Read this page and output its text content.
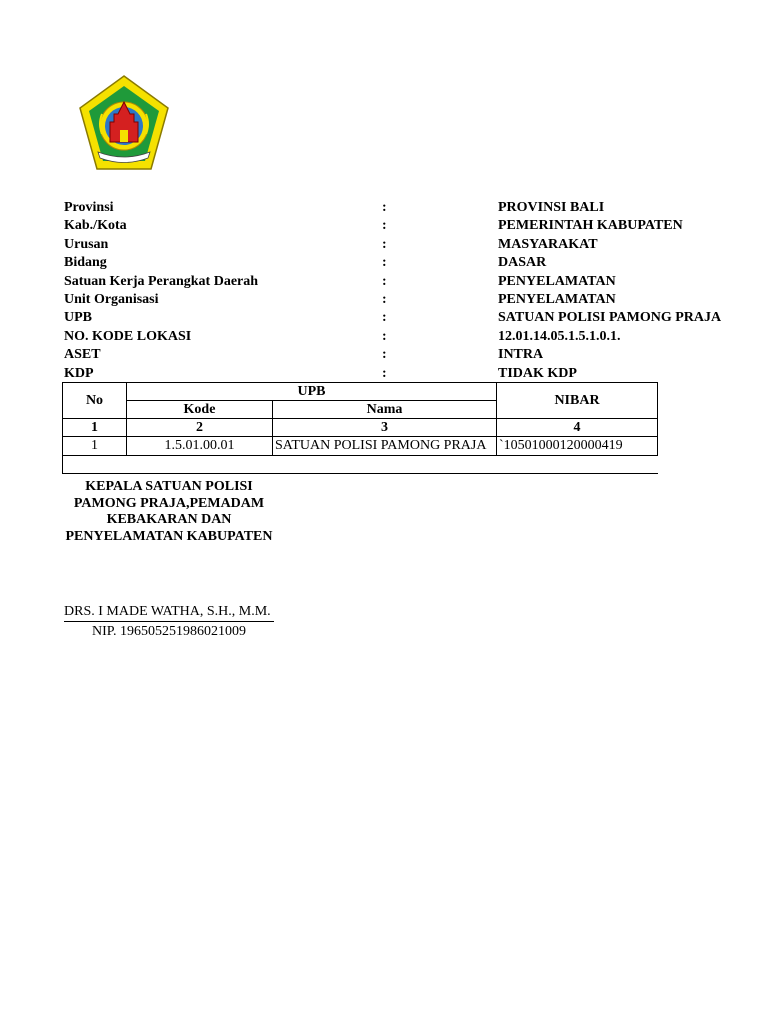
Provinsi	:	PROVINSI BALI
Kab./Kota	:	PEMERINTAH KABUPATEN
Urusan	:	MASYARAKAT
Bidang	:	DASAR
Satuan Kerja Perangkat Daerah	:	PENYELAMATAN
Unit Organisasi	:	PENYELAMATAN
UPB	:	SATUAN POLISI PAMONG PRAJA
NO. KODE LOKASI	:	12.01.14.05.1.5.1.0.1.
ASET	:	INTRA
KDP	:	TIDAK KDP
No	UPB		NIBAR
	Kode	Nama	
1	2	3	4
1	1.5.01.00.01	SATUAN POLISI PAMONG PRAJA	`10501000120000419

KEPALA SATUAN POLISI PAMONG PRAJA,PEMADAM KEBAKARAN DAN PENYELAMATAN KABUPATEN
DRS. I MADE WATHA, S.H., M.M.
NIP. 196505251986021009
